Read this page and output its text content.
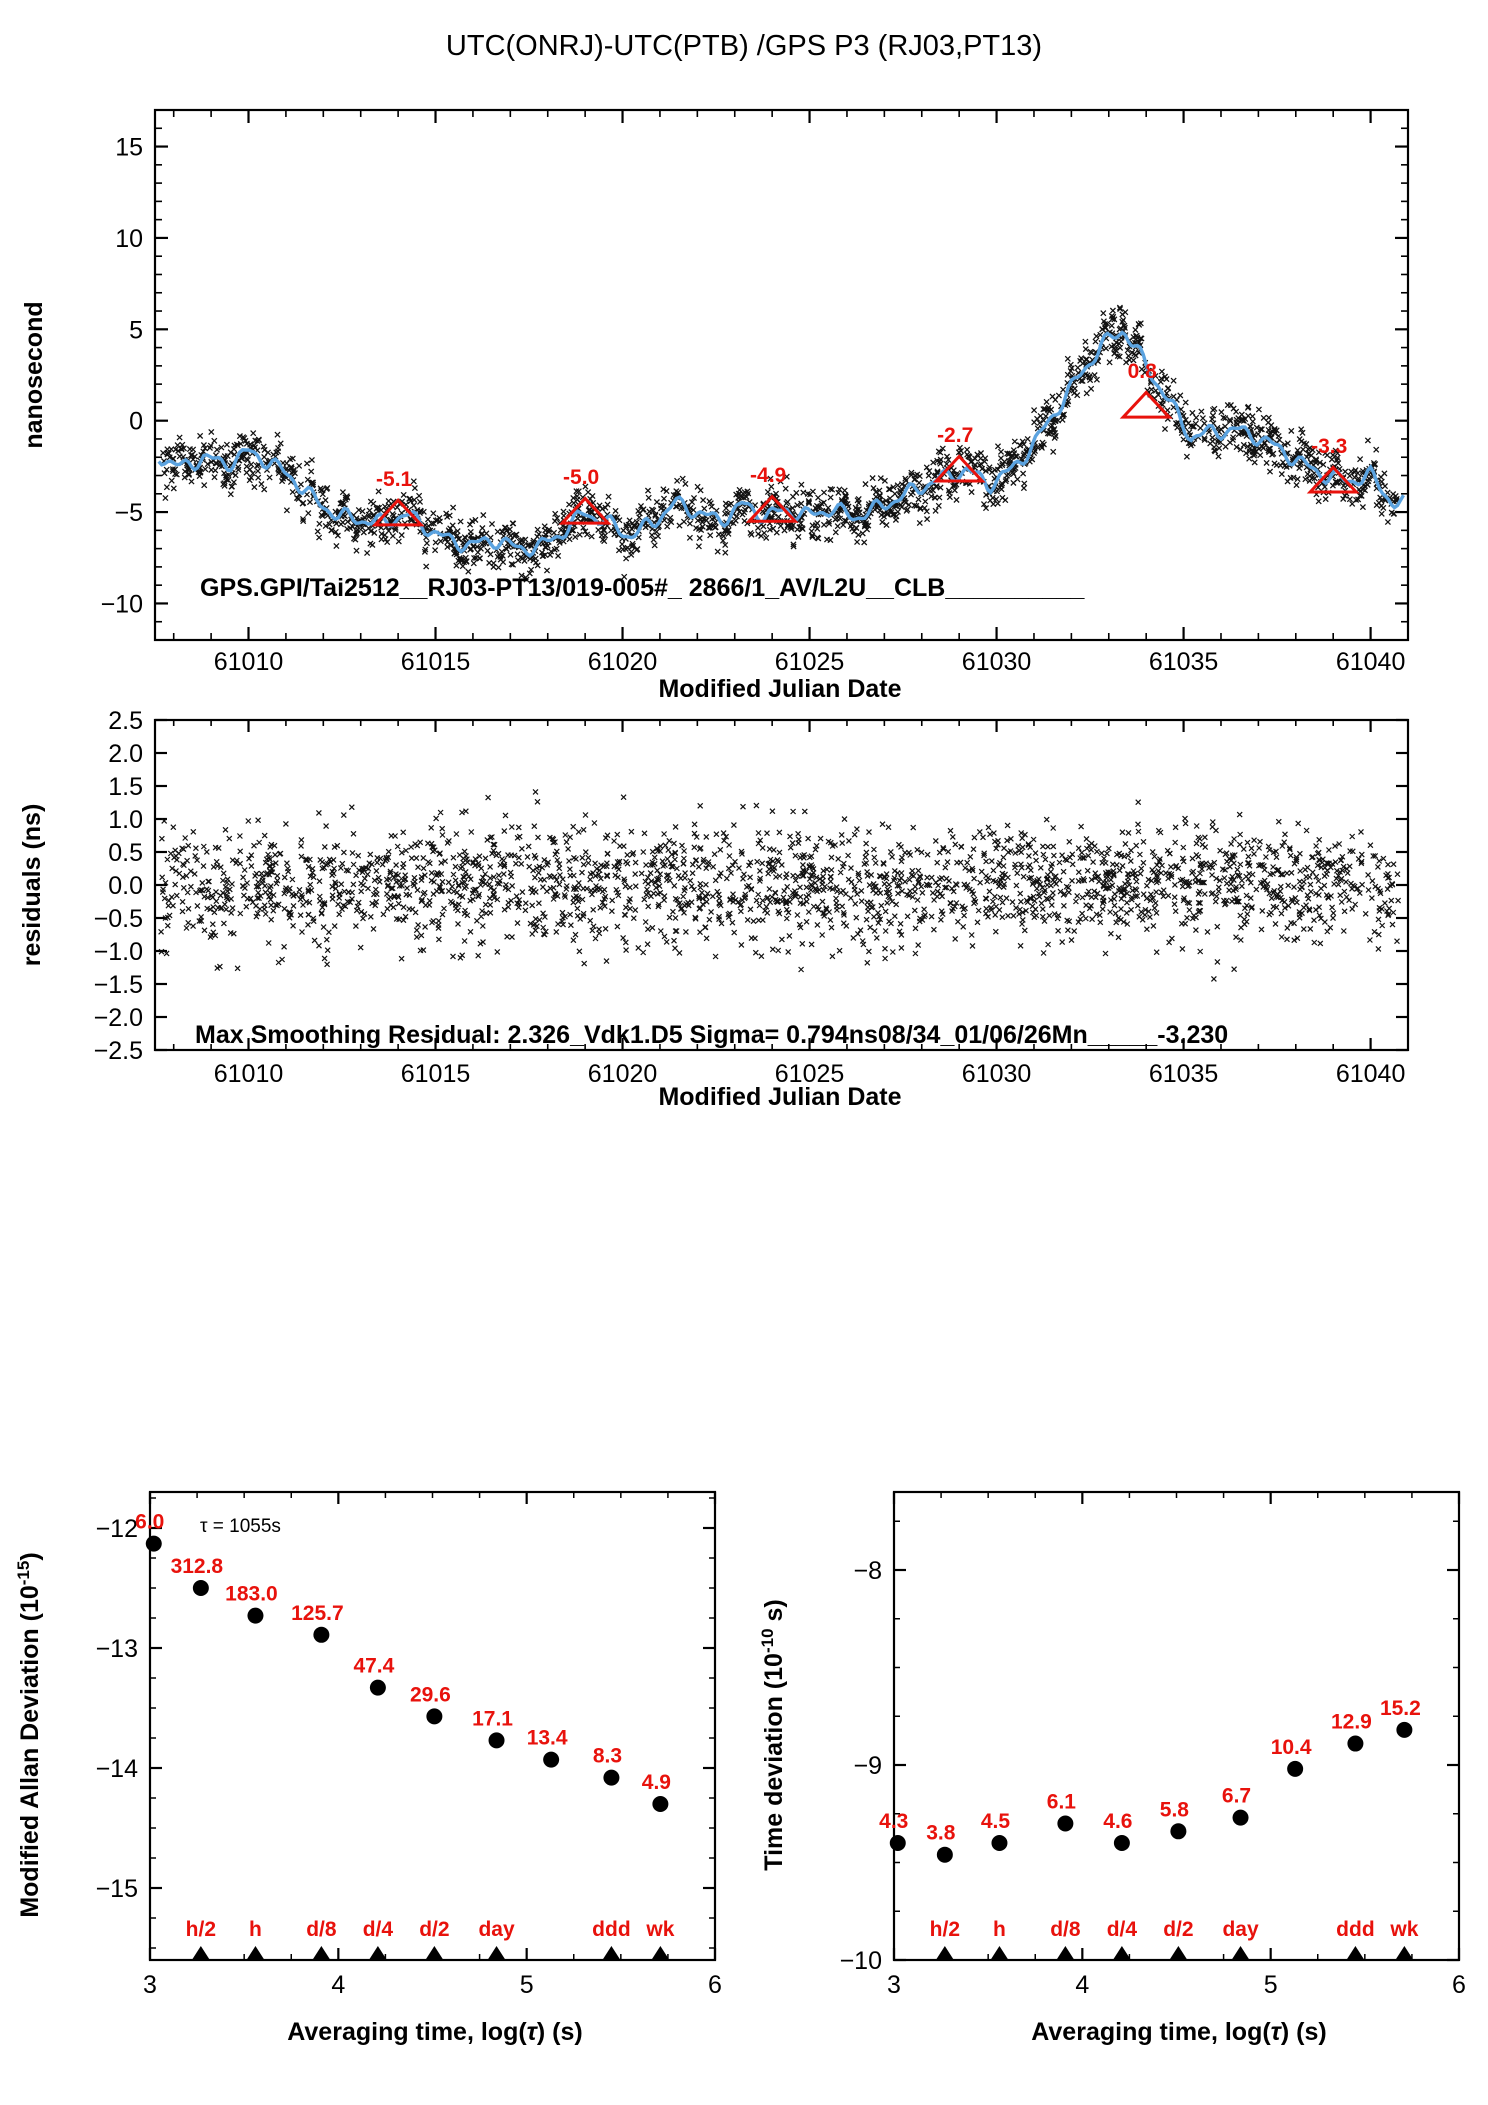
UTC(ONRJ)-UTC(PTB) /GPS P3 (RJ03,PT13)
15
10
5
0
−5
−10
61010	61015	61020	61025	61030	61035	61040
-5.1	-5.0	-4.9
-2.7
0.8
-3.3
Modified Julian Date
nanosecond
GPS.GPI/Tai2512__RJ03-PT13/019-005#_ 2866/1_AV/L2U__CLB__________
2.5
2.0
1.5
1.0
0.5
0.0
−0.5
−1.0
−1.5
−2.0
−2.5
61010	61015	61020	61025	61030	61035	61040
Modified Julian Date
residuals (ns)
Max Smoothing Residual: 2.326_Vdk1.D5 Sigma= 0.794ns08/34_01/06/26Mn_____-3.230
−12
−13
−14
−15
3	4	5	6
6.0
312.8
183.0
125.7
47.4
29.6
17.1
13.4
8.3
4.9
h/2 h d/8 d/4 d/2 day	ddd wk
τ = 1055s
Averaging time, log(τ) (s)
Modified Allan Deviation $(10^{-15})$
−8
−9
−10
3	4	5	6
4.3
3.8
4.5
6.1
4.6
5.8
6.7
10.4
12.9
15.2
h/2 h d/8 d/4 d/2 day	ddd wk
Averaging time, log(τ) (s)
Time deviation ($10^{-10}$ s)
